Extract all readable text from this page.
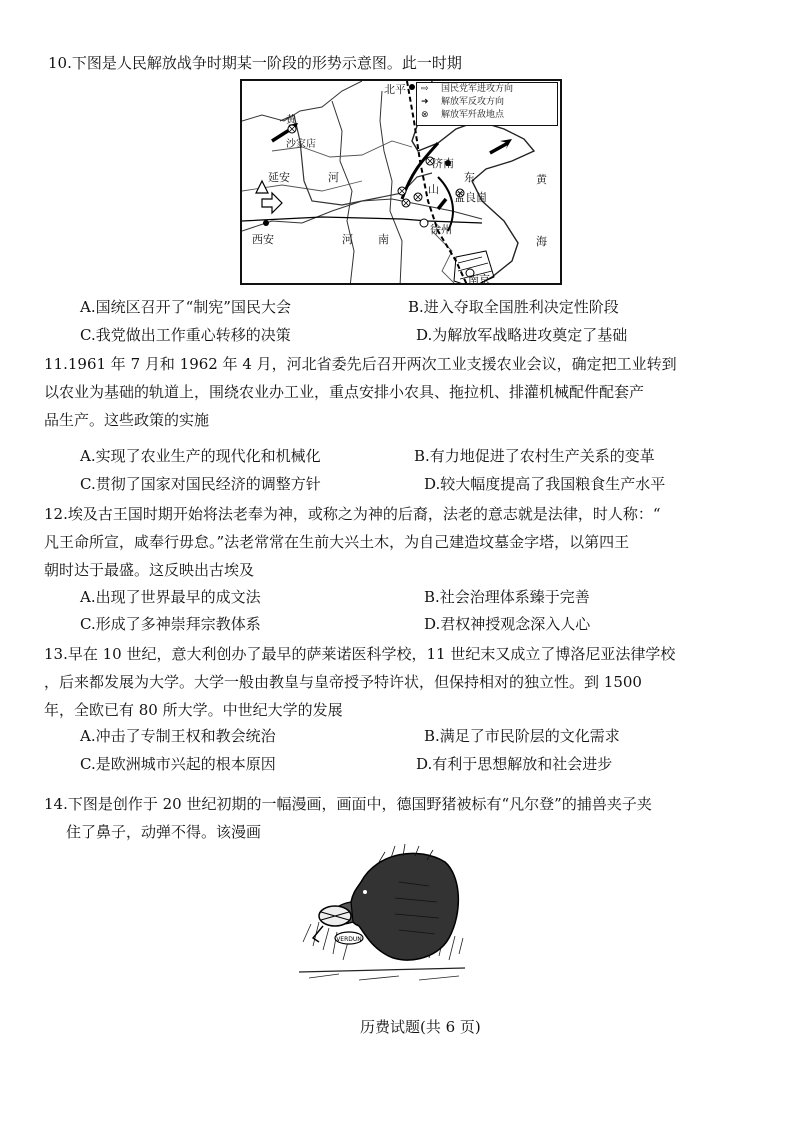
10.下图是人民解放战争时期某一阶段的形势示意图。此一时期
⇨	国民党军进攻方向
➜	解放军反攻方向
⊗	解放军歼敌地点
北平
黄
沙家店
延安	河
西安	河 南
济南
山
东
孟良崮
徐州
南京
黄
海
A.国统区召开了“制宪”国民大会	B.进入夺取全国胜利决定性阶段
C.我党做出工作重心转移的决策	D.为解放军战略进攻奠定了基础
11.1961 年 7 月和 1962 年 4 月，河北省委先后召开两次工业支援农业会议，确定把工业转到
以农业为基础的轨道上，围绕农业办工业，重点安排小农具、拖拉机、排灌机械配件配套产
品生产。这些政策的实施
A.实现了农业生产的现代化和机械化	B.有力地促进了农村生产关系的变革
C.贯彻了国家对国民经济的调整方针	D.较大幅度提高了我国粮食生产水平
12.埃及古王国时期开始将法老奉为神，或称之为神的后裔，法老的意志就是法律，时人称：“
凡王命所宣，咸奉行毋怠。”法老常常在生前大兴土木，为自己建造坟墓金字塔，以第四王
朝时达于最盛。这反映出古埃及
A.出现了世界最早的成文法	B.社会治理体系臻于完善
C.形成了多神崇拜宗教体系	D.君权神授观念深入人心
13.早在 10 世纪，意大利创办了最早的萨莱诺医科学校，11 世纪末又成立了博洛尼亚法律学校
，后来都发展为大学。大学一般由教皇与皇帝授予特许状，但保持相对的独立性。到 1500
年，全欧已有 80 所大学。中世纪大学的发展
A.冲击了专制王权和教会统治	B.满足了市民阶层的文化需求
C.是欧洲城市兴起的根本原因	D.有利于思想解放和社会进步
14.下图是创作于 20 世纪初期的一幅漫画，画面中，德国野猪被标有“凡尔登”的捕兽夹子夹
住了鼻子，动弹不得。该漫画
VERDUN
历费试题(共 6 页)
